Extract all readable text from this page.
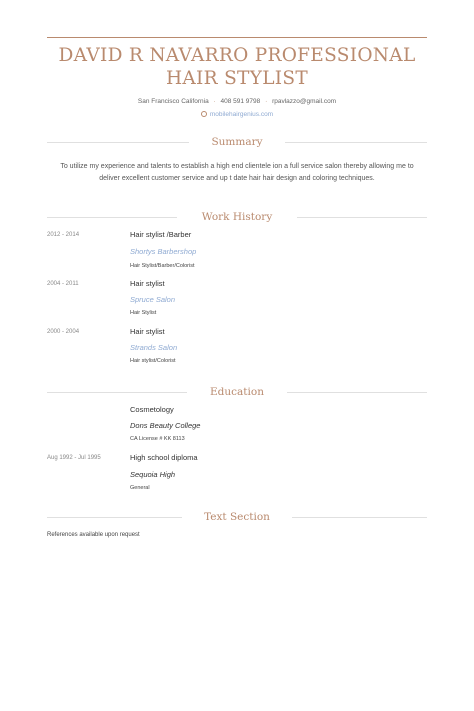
DAVID R NAVARRO PROFESSIONAL HAIR STYLIST
San Francisco California · 408 591 9798 · rpavlazzo@gmail.com
mobilehairgenius.com
Summary
To utilize my experience and talents to establish a high end clientele ion a full service salon thereby allowing me to deliver excellent customer service and up t date hair hair design and coloring techniques.
Work History
2012 - 2014	Hair stylist /Barber
Shortys Barbershop
Hair Stylist/Barber/Colorist
2004 - 2011	Hair stylist
Spruce Salon
Hair Stylist
2000 - 2004	Hair stylist
Strands Salon
Hair stylist/Colorist
Education
Cosmetology
Dons Beauty College
CA License # KK 8113
Aug 1992 - Jul 1995	High school diploma
Sequoia High
General
Text Section
References available upon request
